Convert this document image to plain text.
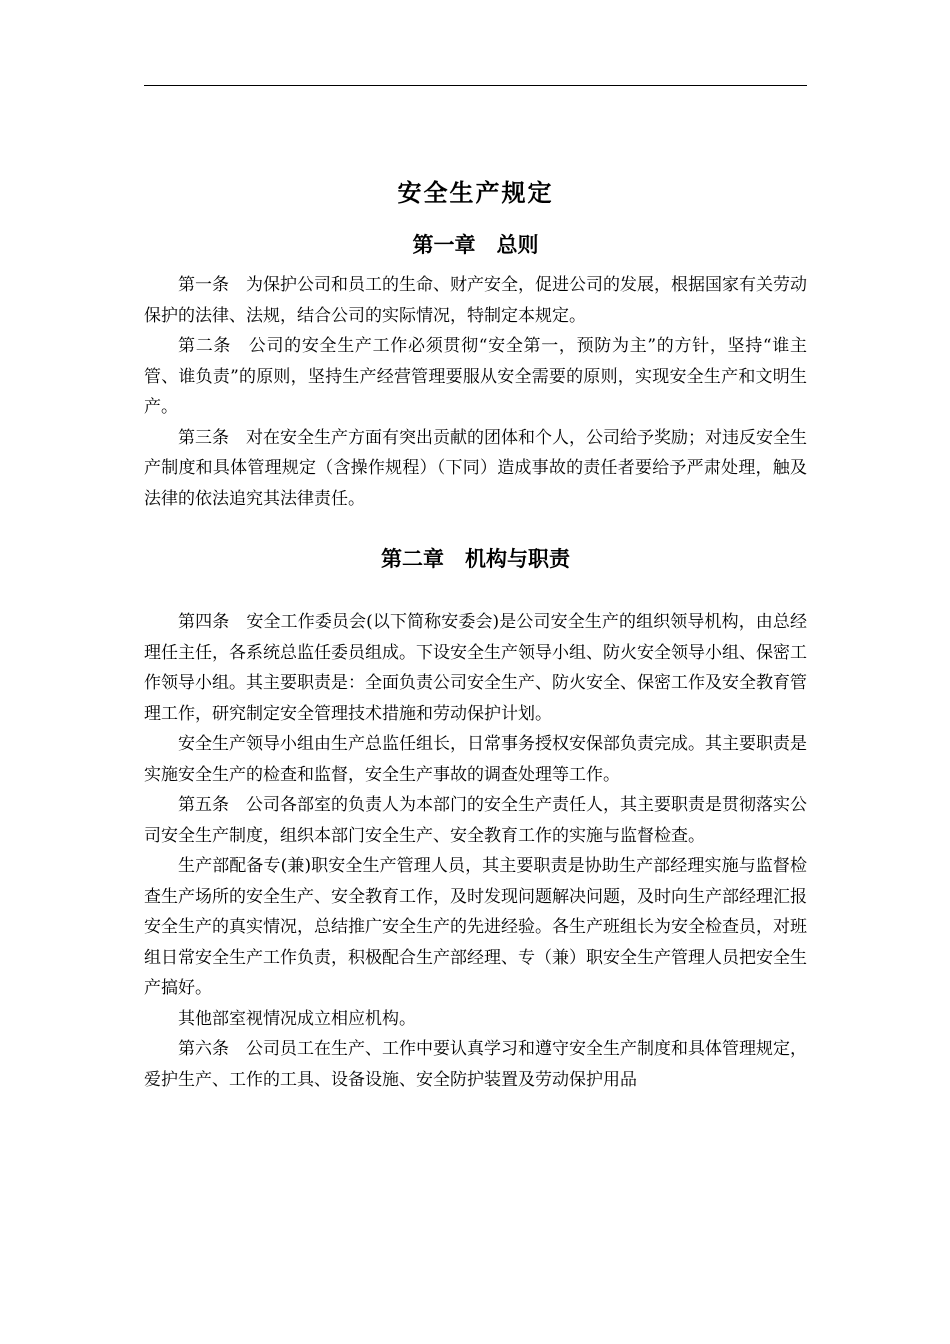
安全生产规定
第一章 总则

第一条 为保护公司和员工的生命、财产安全，促进公司的发展，根据国家有关劳动保护的法律、法规，结合公司的实际情况，特制定本规定。

第二条 公司的安全生产工作必须贯彻“安全第一，预防为主”的方针，坚持“谁主管、谁负责”的原则，坚持生产经营管理要服从安全需要的原则，实现安全生产和文明生产。

第三条 对在安全生产方面有突出贡献的团体和个人，公司给予奖励；对违反安全生产制度和具体管理规定（含操作规程）（下同）造成事故的责任者要给予严肃处理，触及法律的依法追究其法律责任。

第二章 机构与职责

第四条 安全工作委员会(以下简称安委会)是公司安全生产的组织领导机构，由总经理任主任，各系统总监任委员组成。下设安全生产领导小组、防火安全领导小组、保密工作领导小组。其主要职责是：全面负责公司安全生产、防火安全、保密工作及安全教育管理工作，研究制定安全管理技术措施和劳动保护计划。

安全生产领导小组由生产总监任组长，日常事务授权安保部负责完成。其主要职责是实施安全生产的检查和监督，安全生产事故的调查处理等工作。

第五条 公司各部室的负责人为本部门的安全生产责任人，其主要职责是贯彻落实公司安全生产制度，组织本部门安全生产、安全教育工作的实施与监督检查。

生产部配备专(兼)职安全生产管理人员，其主要职责是协助生产部经理实施与监督检查生产场所的安全生产、安全教育工作，及时发现问题解决问题，及时向生产部经理汇报安全生产的真实情况，总结推广安全生产的先进经验。各生产班组长为安全检查员，对班组日常安全生产工作负责，积极配合生产部经理、专（兼）职安全生产管理人员把安全生产搞好。

其他部室视情况成立相应机构。

第六条 公司员工在生产、工作中要认真学习和遵守安全生产制度和具体管理规定，爱护生产、工作的工具、设备设施、安全防护装置及劳动保护用品
